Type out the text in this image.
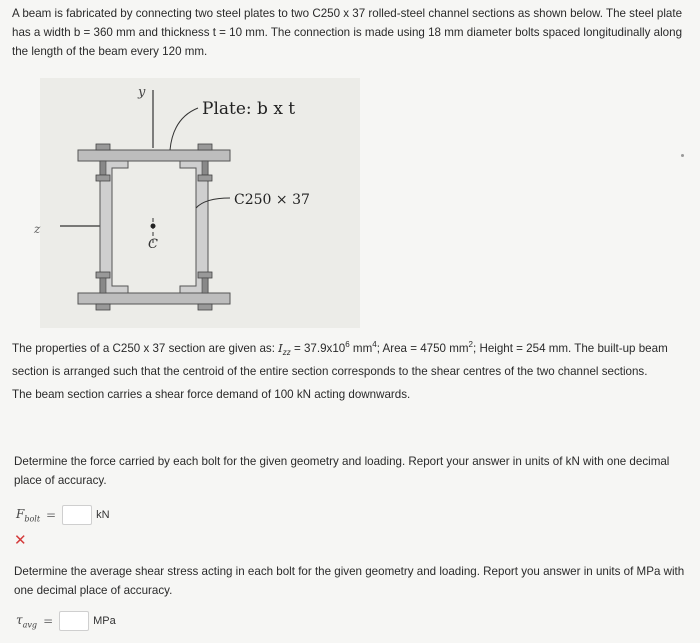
A beam is fabricated by connecting two steel plates to two C250 x 37 rolled-steel channel sections as shown below. The steel plate has a width b = 360 mm and thickness t = 10 mm. The connection is made using 18 mm diameter bolts spaced longitudinally along the length of the beam every 120 mm.
y
z
C
Plate: b x t
C250 × 37

The properties of a C250 x 37 section are given as: $I_{zz} = 37.9x10^6$ $mm^4$; Area = 4750 $mm^2$; Height = 254 mm. The built-up beam section is arranged such that the centroid of the entire section corresponds to the shear centres of the two channel sections.

The beam section carries a shear force demand of 100 kN acting downwards.

Determine the force carried by each bolt for the given geometry and loading. Report your answer in units of kN with one decimal place of accuracy.
$F_{bolt}$ =	kN
✕
Determine the average shear stress acting in each bolt for the given geometry and loading. Report you answer in units of MPa with one decimal place of accuracy.
$\tau_{avg}$ =	MPa
